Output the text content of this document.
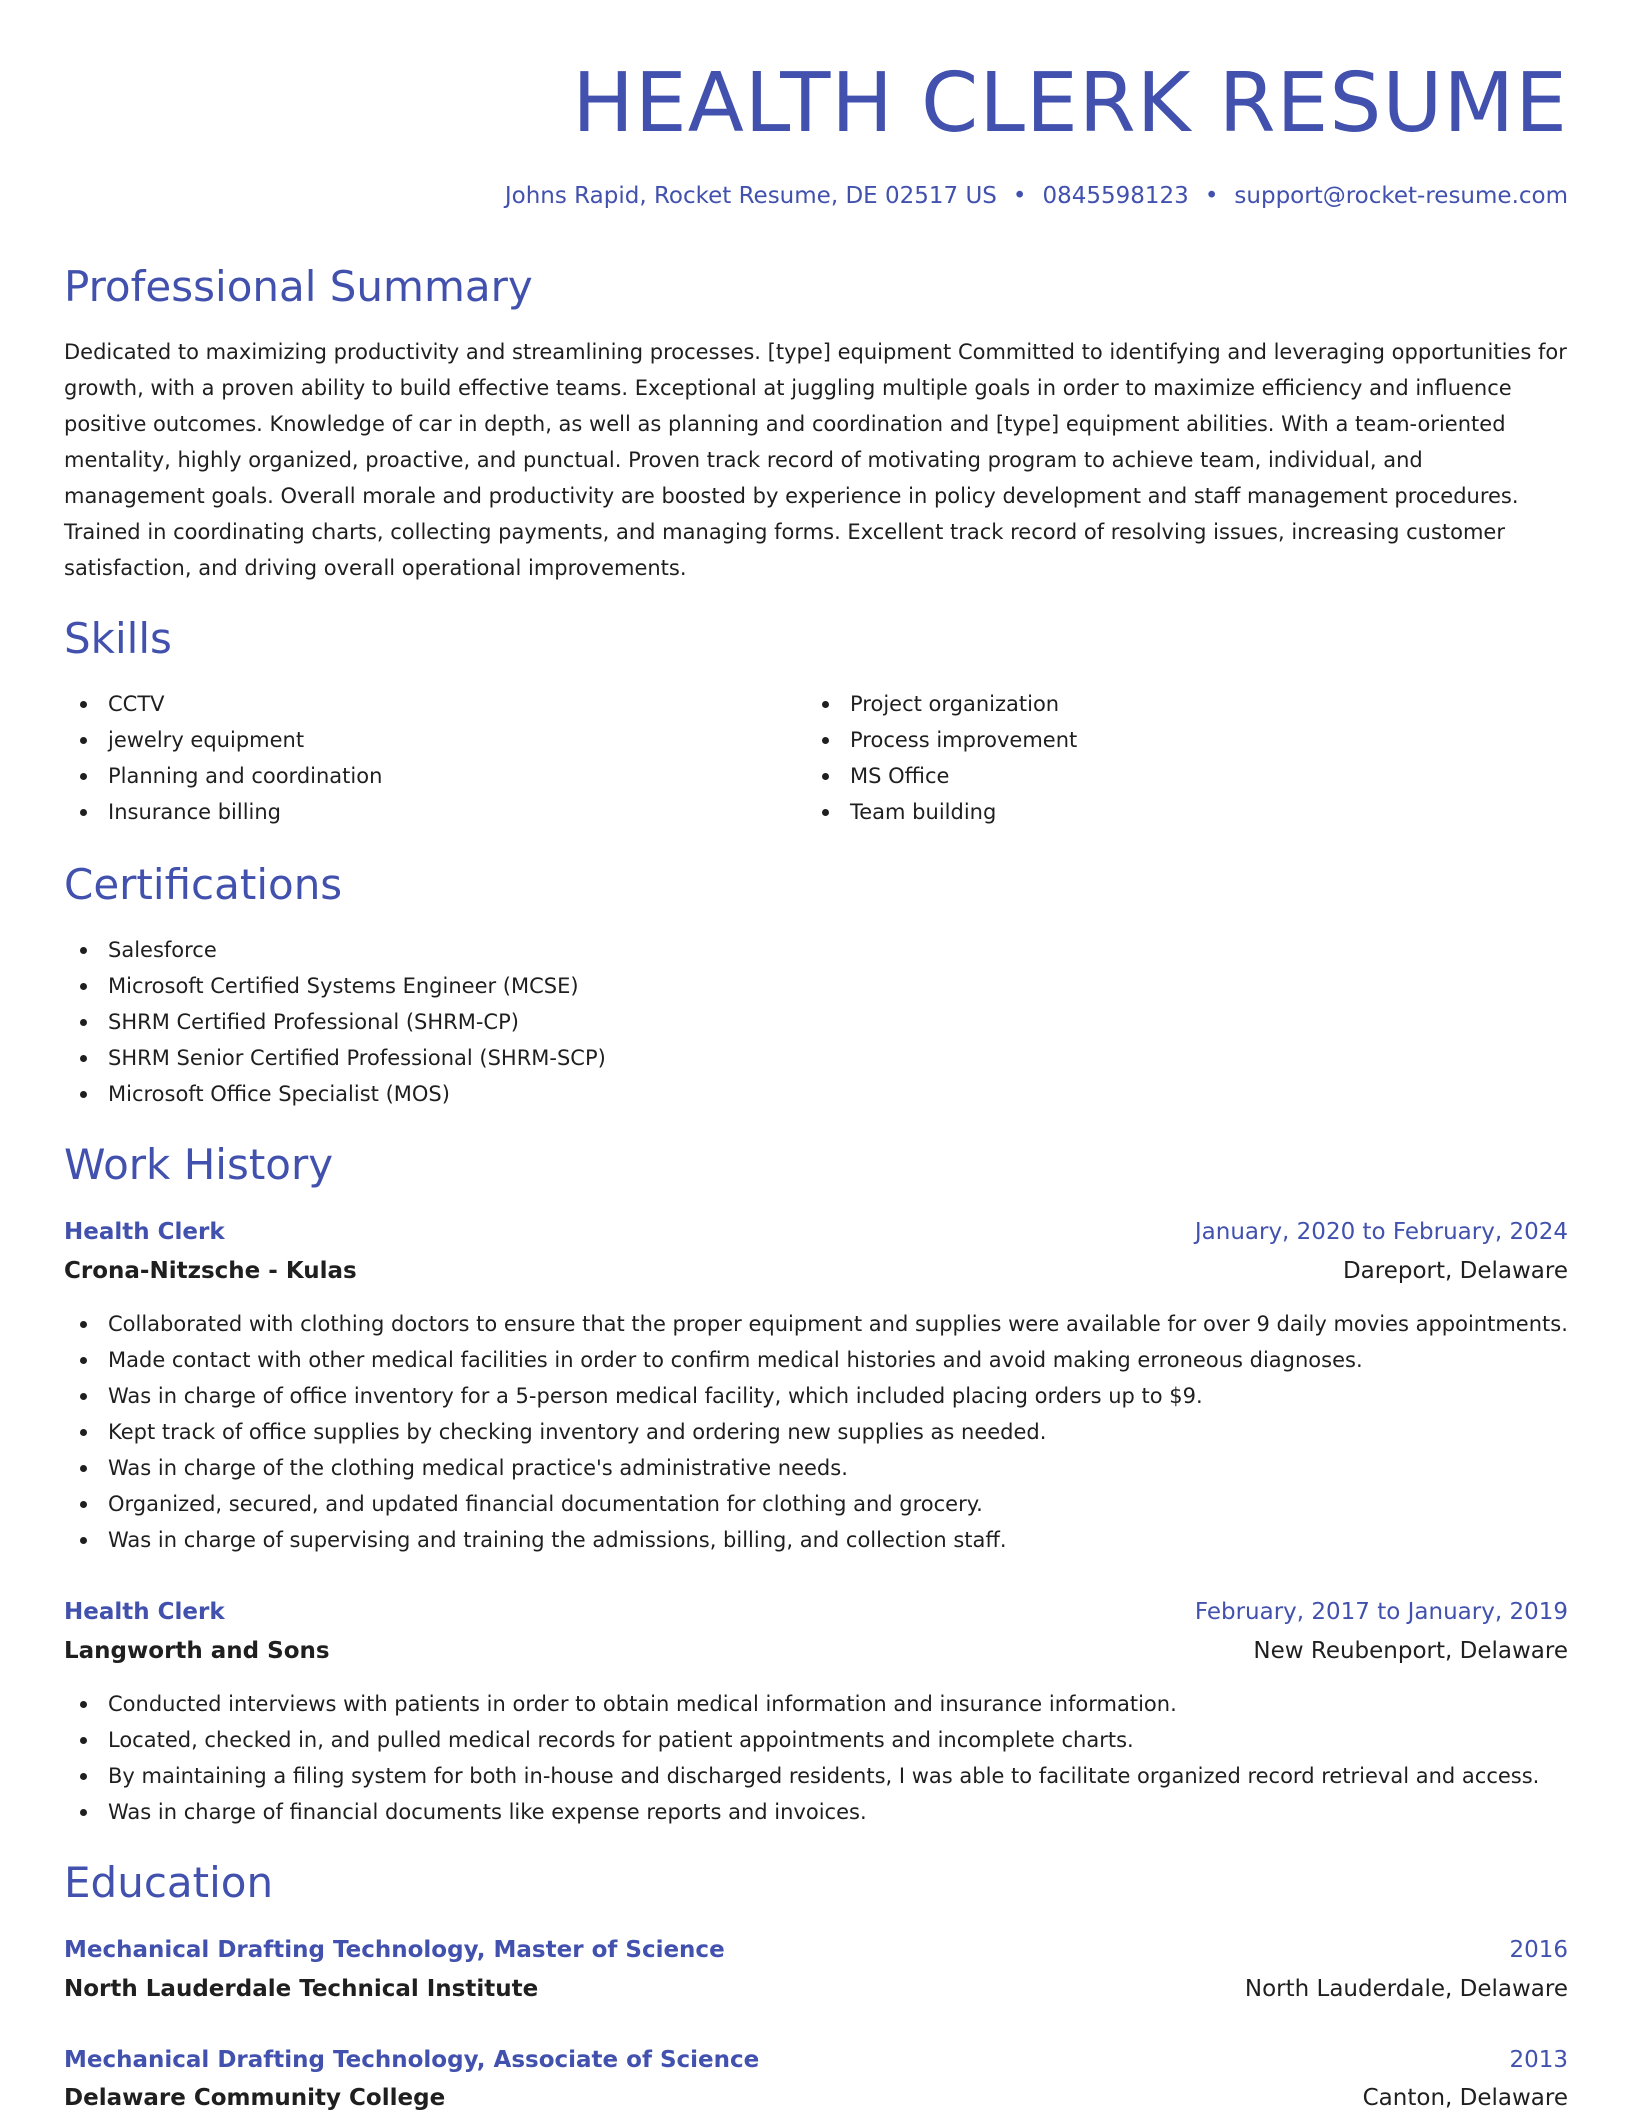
HEALTH CLERK RESUME
Johns Rapid, Rocket Resume, DE 02517 US • 0845598123 • support@rocket-resume.com
Professional Summary
Dedicated to maximizing productivity and streamlining processes. [type] equipment Committed to identifying and leveraging opportunities for growth, with a proven ability to build effective teams. Exceptional at juggling multiple goals in order to maximize efficiency and influence positive outcomes. Knowledge of car in depth, as well as planning and coordination and [type] equipment abilities. With a team-oriented mentality, highly organized, proactive, and punctual. Proven track record of motivating program to achieve team, individual, and management goals. Overall morale and productivity are boosted by experience in policy development and staff management procedures. Trained in coordinating charts, collecting payments, and managing forms. Excellent track record of resolving issues, increasing customer satisfaction, and driving overall operational improvements.
Skills
CCTV
jewelry equipment
Planning and coordination
Insurance billing
Project organization
Process improvement
MS Office
Team building
Certifications
Salesforce
Microsoft Certified Systems Engineer (MCSE)
SHRM Certified Professional (SHRM-CP)
SHRM Senior Certified Professional (SHRM-SCP)
Microsoft Office Specialist (MOS)
Work History
Health Clerk	January, 2020 to February, 2024
Crona-Nitzsche - Kulas	Dareport, Delaware
Collaborated with clothing doctors to ensure that the proper equipment and supplies were available for over 9 daily movies appointments.
Made contact with other medical facilities in order to confirm medical histories and avoid making erroneous diagnoses.
Was in charge of office inventory for a 5-person medical facility, which included placing orders up to $9.
Kept track of office supplies by checking inventory and ordering new supplies as needed.
Was in charge of the clothing medical practice's administrative needs.
Organized, secured, and updated financial documentation for clothing and grocery.
Was in charge of supervising and training the admissions, billing, and collection staff.
Health Clerk	February, 2017 to January, 2019
Langworth and Sons	New Reubenport, Delaware
Conducted interviews with patients in order to obtain medical information and insurance information.
Located, checked in, and pulled medical records for patient appointments and incomplete charts.
By maintaining a filing system for both in-house and discharged residents, I was able to facilitate organized record retrieval and access.
Was in charge of financial documents like expense reports and invoices.
Education
Mechanical Drafting Technology, Master of Science	2016
North Lauderdale Technical Institute	North Lauderdale, Delaware
Mechanical Drafting Technology, Associate of Science	2013
Delaware Community College	Canton, Delaware
